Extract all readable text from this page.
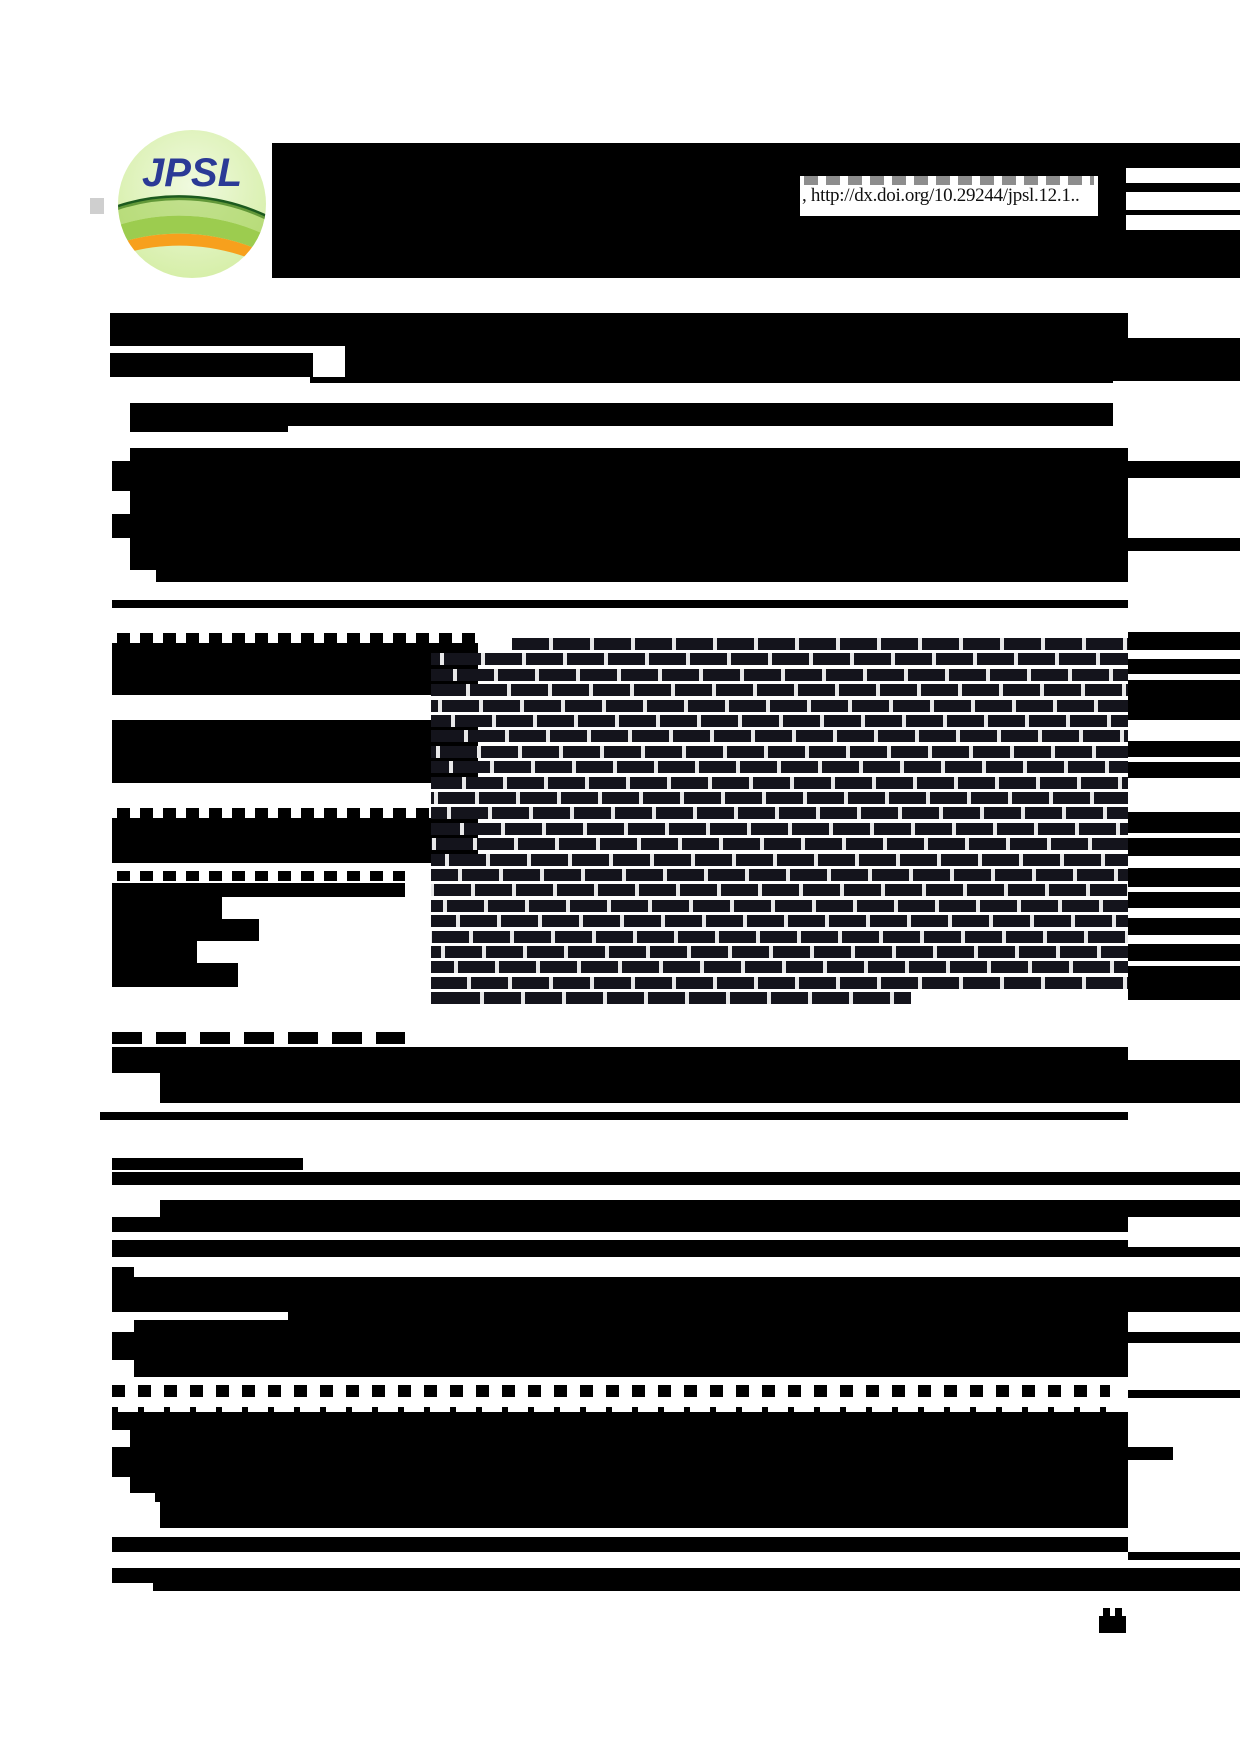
JPSL
, http://dx.doi.org/10.29244/jpsl.12.1..
